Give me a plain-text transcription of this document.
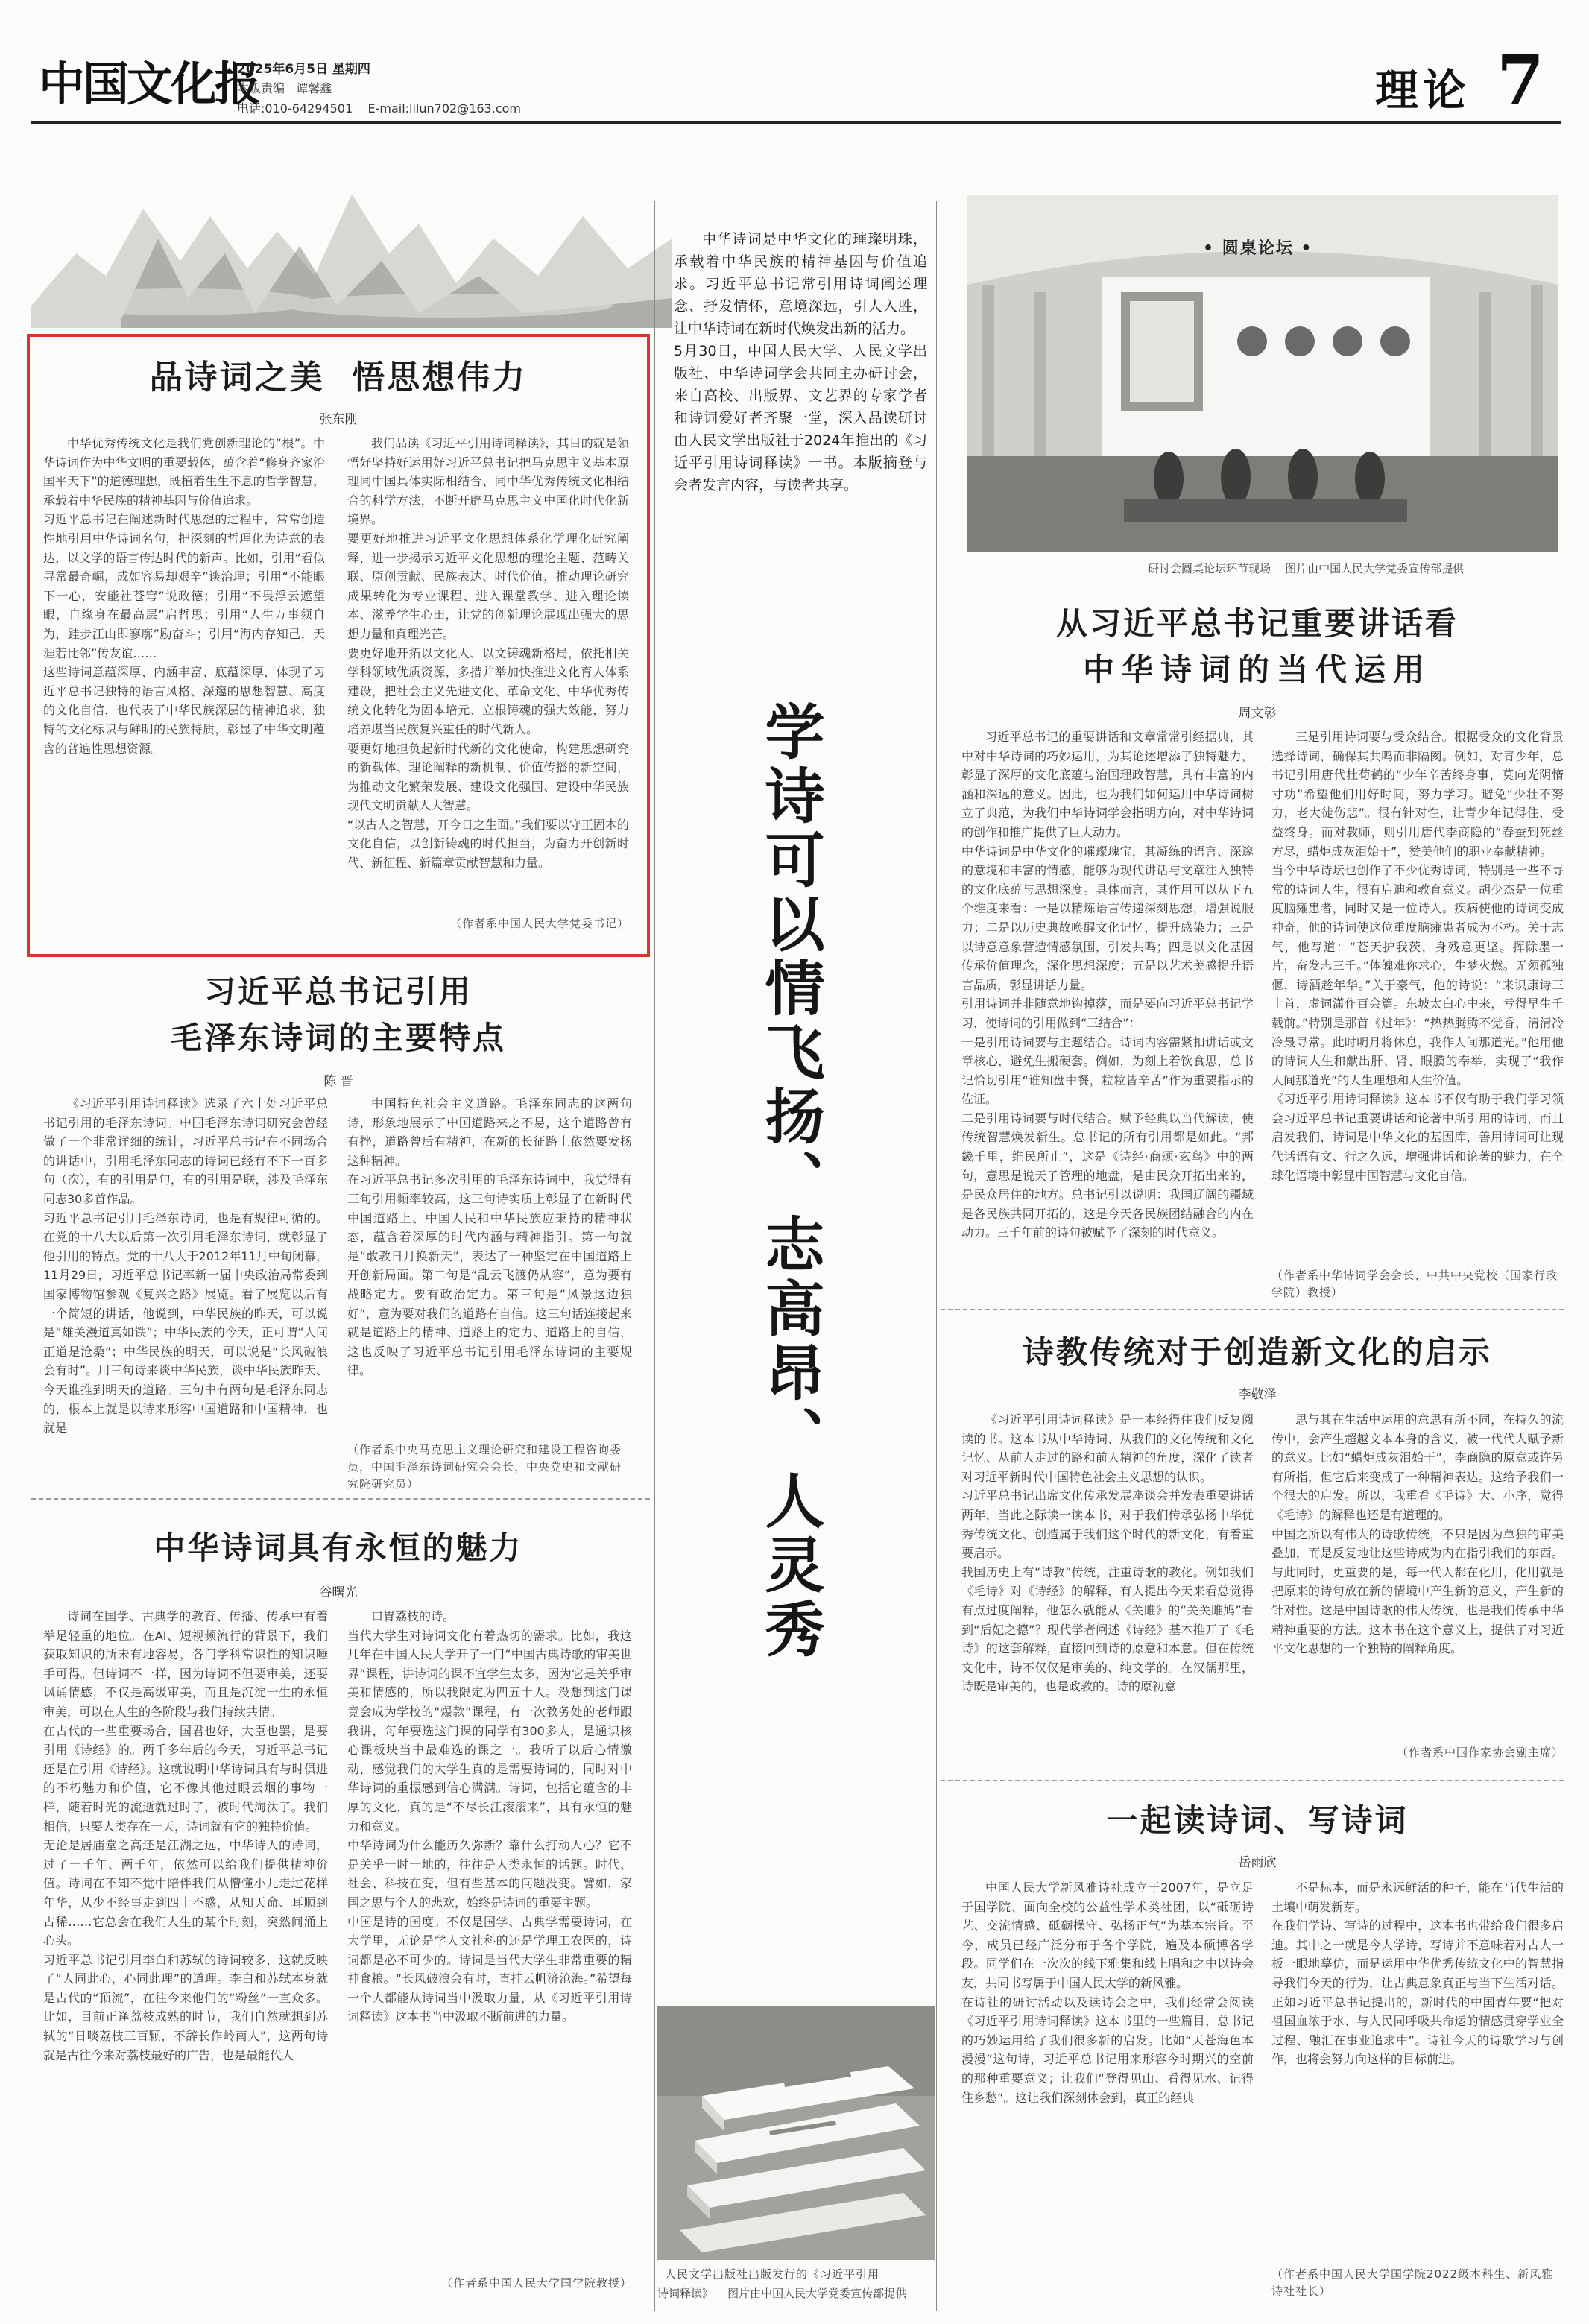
中国文化报
2025年6月5日 星期四
本版责编   谭馨鑫
电话:010-64294501    E-mail:lilun702@163.com	理论 7
品诗词之美  悟思想伟力
张东刚
中华优秀传统文化是我们党创新理论的“根”。中华诗词作为中华文明的重要载体，蕴含着“修身齐家治国平天下”的道德理想，既植着生生不息的哲学智慧，承载着中华民族的精神基因与价值追求。
习近平总书记在阐述新时代思想的过程中，常常创造性地引用中华诗词名句，把深刻的哲理化为诗意的表达，以文学的语言传达时代的新声。比如，引用“看似寻常最奇崛，成如容易却艰辛”谈治理；引用“不能眼下一心，安能社苍穹”说政德；引用“不畏浮云遮望眼，自缘身在最高层”启哲思；引用“人生万事须自为，跬步江山即寥廓”励奋斗；引用“海内存知己，天涯若比邻”传友谊……
这些诗词意蕴深厚、内涵丰富、底蕴深厚，体现了习近平总书记独特的语言风格、深邃的思想智慧、高度的文化自信，也代表了中华民族深层的精神追求、独特的文化标识与鲜明的民族特质，彰显了中华文明蕴含的普遍性思想资源。
我们品读《习近平引用诗词释读》，其目的就是领悟好坚持好运用好习近平总书记把马克思主义基本原理同中国具体实际相结合、同中华优秀传统文化相结合的科学方法，不断开辟马克思主义中国化时代化新境界。
要更好地推进习近平文化思想体系化学理化研究阐释，进一步揭示习近平文化思想的理论主题、范畴关联、原创贡献、民族表达、时代价值，推动理论研究成果转化为专业课程、进入课堂教学、进入理论读本、滋养学生心田，让党的创新理论展现出强大的思想力量和真理光芒。
要更好地开拓以文化人、以文铸魂新格局，依托相关学科领域优质资源，多措并举加快推进文化育人体系建设，把社会主义先进文化、革命文化、中华优秀传统文化转化为固本培元、立根铸魂的强大效能，努力培养堪当民族复兴重任的时代新人。
要更好地担负起新时代新的文化使命，构建思想研究的新载体、理论阐释的新机制、价值传播的新空间，为推动文化繁荣发展、建设文化强国、建设中华民族现代文明贡献人大智慧。
“以古人之智慧，开今日之生面。”我们要以守正固本的文化自信，以创新铸魂的时代担当，为奋力开创新时代、新征程、新篇章贡献智慧和力量。
（作者系中国人民大学党委书记）
习近平总书记引用
毛泽东诗词的主要特点
陈 晋
《习近平引用诗词释读》选录了六十处习近平总书记引用的毛泽东诗词。中国毛泽东诗词研究会曾经做了一个非常详细的统计，习近平总书记在不同场合的讲话中，引用毛泽东同志的诗词已经有不下一百多句（次），有的引用是句，有的引用是联，涉及毛泽东同志30多首作品。
习近平总书记引用毛泽东诗词，也是有规律可循的。在党的十八大以后第一次引用毛泽东诗词，就彰显了他引用的特点。党的十八大于2012年11月中旬闭幕，11月29日，习近平总书记率新一届中央政治局常委到国家博物馆参观《复兴之路》展览。看了展览以后有一个简短的讲话，他说到，中华民族的昨天，可以说是“雄关漫道真如铁”；中华民族的今天，正可谓“人间正道是沧桑”；中华民族的明天，可以说是“长风破浪会有时”。用三句诗来谈中华民族，谈中华民族昨天、今天谁推到明天的道路。三句中有两句是毛泽东同志的，根本上就是以诗来形容中国道路和中国精神，也就是
中国特色社会主义道路。毛泽东同志的这两句诗，形象地展示了中国道路来之不易，这个道路曾有有挫，道路曾后有精神，在新的长征路上依然要发扬这种精神。
在习近平总书记多次引用的毛泽东诗词中，我觉得有三句引用频率较高，这三句诗实质上彰显了在新时代中国道路上、中国人民和中华民族应秉持的精神状态，蕴含着深厚的时代内涵与精神指引。第一句就是“敢教日月换新天”，表达了一种坚定在中国道路上开创新局面。第二句是“乱云飞渡仍从容”，意为要有战略定力。要有政治定力。第三句是“风景这边独好”，意为要对我们的道路有自信。这三句话连接起来就是道路上的精神、道路上的定力、道路上的自信，这也反映了习近平总书记引用毛泽东诗词的主要规律。
（作者系中央马克思主义理论研究和建设工程咨询委员，中国毛泽东诗词研究会会长，中央党史和文献研究院研究员）
中华诗词具有永恒的魅力
谷曙光
诗词在国学、古典学的教育、传播、传承中有着举足轻重的地位。在AI、短视频流行的背景下，我们获取知识的所未有地容易，各门学科常识性的知识唾手可得。但诗词不一样，因为诗词不但要审美，还要讽诵情感，不仅是高级审美，而且是沉淀一生的永恒审美，可以在人生的各阶段与我们持续共情。
在古代的一些重要场合，国君也好，大臣也罢，是要引用《诗经》的。两千多年后的今天，习近平总书记还是在引用《诗经》。这就说明中华诗词具有与时俱进的不朽魅力和价值，它不像其他过眼云烟的事物一样，随着时光的流逝就过时了，被时代淘汰了。我们相信，只要人类存在一天，诗词就有它的独特价值。
无论是居庙堂之高还是江湖之远，中华诗人的诗词，过了一千年、两千年，依然可以给我们提供精神价值。诗词在不知不觉中陪伴我们从懵懂小儿走过花样年华，从少不经事走到四十不惑，从知天命、耳顺到古稀……它总会在我们人生的某个时刻，突然间涌上心头。
习近平总书记引用李白和苏轼的诗词较多，这就反映了“人同此心，心同此理”的道理。李白和苏轼本身就是古代的“顶流”，在往今来他们的“粉丝”一直众多。比如，目前正逢荔枝成熟的时节，我们自然就想到苏轼的“日啖荔枝三百颗，不辞长作岭南人”，这两句诗就是古往今来对荔枝最好的广告，也是最能代人
口胃荔枝的诗。
当代大学生对诗词文化有着热切的需求。比如，我这几年在中国人民大学开了一门“中国古典诗歌的审美世界”课程，讲诗词的课不宜学生太多，因为它是关乎审美和情感的，所以我限定为四五十人。没想到这门课竟会成为学校的“爆款”课程，有一次教务处的老师跟我讲，每年要选这门课的同学有300多人，是通识核心课板块当中最难选的课之一。我听了以后心情激动，感觉我们的大学生真的是需要诗词的，同时对中华诗词的重振感到信心满满。诗词，包括它蕴含的丰厚的文化，真的是“不尽长江滚滚来”，具有永恒的魅力和意义。
中华诗词为什么能历久弥新？靠什么打动人心？它不是关乎一时一地的，往往是人类永恒的话题。时代、社会、科技在变，但有些基本的问题没变。譬如，家国之思与个人的悲欢，始终是诗词的重要主题。
中国是诗的国度。不仅是国学、古典学需要诗词，在大学里，无论是学人文社科的还是学理工农医的，诗词都是必不可少的。诗词是当代大学生非常重要的精神食粮。“长风破浪会有时，直挂云帆济沧海。”希望每一个人都能从诗词当中汲取力量，从《习近平引用诗词释读》这本书当中汲取不断前进的力量。
（作者系中国人民大学国学院教授）
中华诗词是中华文化的璀璨明珠，承载着中华民族的精神基因与价值追求。习近平总书记常引用诗词阐述理念、抒发情怀，意境深远，引人入胜，让中华诗词在新时代焕发出新的活力。
5月30日，中国人民大学、人民文学出版社、中华诗词学会共同主办研讨会，来自高校、出版界、文艺界的专家学者和诗词爱好者齐聚一堂，深入品读研讨由人民文学出版社于2024年推出的《习近平引用诗词释读》一书。本版摘登与会者发言内容，与读者共享。
学诗可以情飞扬、志高昂、人灵秀
人民文学出版社出版发行的《习近平引用
诗词释读》    图片由中国人民大学党委宣传部提供
• 圆桌论坛 •
研讨会圆桌论坛环节现场    图片由中国人民大学党委宣传部提供
从习近平总书记重要讲话看
中华诗词的当代运用
周文彰
习近平总书记的重要讲话和文章常常引经据典，其中对中华诗词的巧妙运用，为其论述增添了独特魅力，彰显了深厚的文化底蕴与治国理政智慧，具有丰富的内涵和深远的意义。因此，也为我们如何运用中华诗词树立了典范，为我们中华诗词学会指明方向，对中华诗词的创作和推广提供了巨大动力。
中华诗词是中华文化的璀璨瑰宝，其凝练的语言、深邃的意境和丰富的情感，能够为现代讲话与文章注入独特的文化底蕴与思想深度。具体而言，其作用可以从下五个维度来看：一是以精炼语言传递深刻思想，增强说服力；二是以历史典故唤醒文化记忆，提升感染力；三是以诗意意象营造情感氛围，引发共鸣；四是以文化基因传承价值理念，深化思想深度；五是以艺术美感提升语言品质，彰显讲话力量。
引用诗词并非随意地钩掉落，而是要向习近平总书记学习，使诗词的引用做到“三结合”：
一是引用诗词要与主题结合。诗词内容需紧扣讲话或文章核心，避免生搬硬套。例如，为刻上着饮食思，总书记恰切引用“谁知盘中餐，粒粒皆辛苦”作为重要指示的佐证。
二是引用诗词要与时代结合。赋予经典以当代解读，使传统智慧焕发新生。总书记的所有引用都是如此。“邦畿千里，维民所止”，这是《诗经·商颂·玄鸟》中的两句，意思是说天子管理的地盘，是由民众开拓出来的，是民众居住的地方。总书记引以说明：我国辽阔的疆域是各民族共同开拓的，这是今天各民族团结融合的内在动力。三千年前的诗句被赋予了深刻的时代意义。
三是引用诗词要与受众结合。根据受众的文化背景选择诗词，确保其共鸣而非隔阂。例如，对青少年，总书记引用唐代杜荀鹤的“少年辛苦终身事，莫向光阴惰寸功”希望他们用好时间，努力学习。避免“少壮不努力，老大徒伤悲”。很有针对性，让青少年记得住，受益终身。而对教师，则引用唐代李商隐的“春蚕到死丝方尽，蜡炬成灰泪始干”，赞美他们的职业奉献精神。
当今中华诗坛也创作了不少优秀诗词，特别是一些不寻常的诗词人生，很有启迪和教育意义。胡少杰是一位重度脑瘫患者，同时又是一位诗人。疾病使他的诗词变成神奇，他的诗词使这位重度脑瘫患者成为不朽。关于志气，他写道：“苍天护我茨，身残意更坚。挥除墨一片，奋发志三千。”体魄难你求心，生梦火燃。无须孤独偃，诗酒趁年华。”关于豪气，他的诗说：“来识康诗三十首，虚词潇作百会篇。东坡太白心中来，亏得早生千载前。”特别是那首《过年》：“热热腾腾不觉香，清清冷冷最寻常。此时明月将休息，我作人间那道光。”他用他的诗词人生和献出肝、肾、眼膜的奉举，实现了“我作人间那道光”的人生理想和人生价值。
《习近平引用诗词释读》这本书不仅有助于我们学习领会习近平总书记重要讲话和论著中所引用的诗词，而且启发我们，诗词是中华文化的基因库，善用诗词可让现代话语有文、行之久远，增强讲话和论著的魅力，在全球化语境中彰显中国智慧与文化自信。
（作者系中华诗词学会会长、中共中央党校（国家行政学院）教授）
诗教传统对于创造新文化的启示
李敬泽
《习近平引用诗词释读》是一本经得住我们反复阅读的书。这本书从中华诗词、从我们的文化传统和文化记忆、从前人走过的路和前人精神的角度，深化了读者对习近平新时代中国特色社会主义思想的认识。
习近平总书记出席文化传承发展座谈会并发表重要讲话两年，当此之际读一读本书，对于我们传承弘扬中华优秀传统文化、创造属于我们这个时代的新文化，有着重要启示。
我国历史上有“诗教”传统，注重诗歌的教化。例如我们《毛诗》对《诗经》的解释，有人提出今天来看总觉得有点过度阐释，他怎么就能从《关雎》的“关关雎鸠”看到“后妃之德”？现代学者阐述《诗经》基本推开了《毛诗》的这套解释，直接回到诗的原意和本意。但在传统文化中，诗不仅仅是审美的、纯文学的。在汉儒那里，诗既是审美的，也是政教的。诗的原初意
思与其在生活中运用的意思有所不同，在持久的流传中，会产生超越文本本身的含义，被一代代人赋予新的意义。比如“蜡炬成灰泪始干”，李商隐的原意或许另有所指，但它后来变成了一种精神表达。这给予我们一个很大的启发。所以，我重看《毛诗》大、小序，觉得《毛诗》的解释也还是有道理的。
中国之所以有伟大的诗歌传统，不只是因为单独的审美叠加，而是反复地让这些诗成为内在指引我们的东西。与此同时，更重要的是，每一代人都在化用，化用就是把原来的诗句放在新的情境中产生新的意义，产生新的针对性。这是中国诗歌的伟大传统，也是我们传承中华精神重要的方法。这本书在这个意义上，提供了对习近平文化思想的一个独特的阐释角度。
（作者系中国作家协会副主席）
一起读诗词、写诗词
岳雨欣
中国人民大学新风雅诗社成立于2007年，是立足于国学院、面向全校的公益性学术类社团，以“砥砺诗艺、交流情感、砥砺操守、弘扬正气”为基本宗旨。至今，成员已经广泛分布于各个学院，遍及本硕博各学段。同学们在一次次的线下雅集和线上唱和之中以诗会友，共同书写属于中国人民大学的新风雅。
在诗社的研讨活动以及读诗会之中，我们经常会阅读《习近平引用诗词释读》这本书里的一些篇目，总书记的巧妙运用给了我们很多新的启发。比如“天苍海色本漫漫”这句诗，习近平总书记用来形容今时期兴的空前的那种重要意义；让我们“登得见山、看得见水、记得住乡愁”。这让我们深刻体会到，真正的经典
不是标本，而是永远鲜活的种子，能在当代生活的土壤中萌发新芽。
在我们学诗、写诗的过程中，这本书也带给我们很多启迪。其中之一就是今人学诗，写诗并不意味着对古人一板一眼地摹仿，而是运用中华优秀传统文化中的智慧指导我们今天的行为，让古典意象真正与当下生活对话。正如习近平总书记提出的，新时代的中国青年要“把对祖国血浓于水、与人民同呼吸共命运的情感贯穿学业全过程、融汇在事业追求中”。诗社今天的诗歌学习与创作，也将会努力向这样的目标前进。
（作者系中国人民大学国学院2022级本科生、新风雅诗社社长）
